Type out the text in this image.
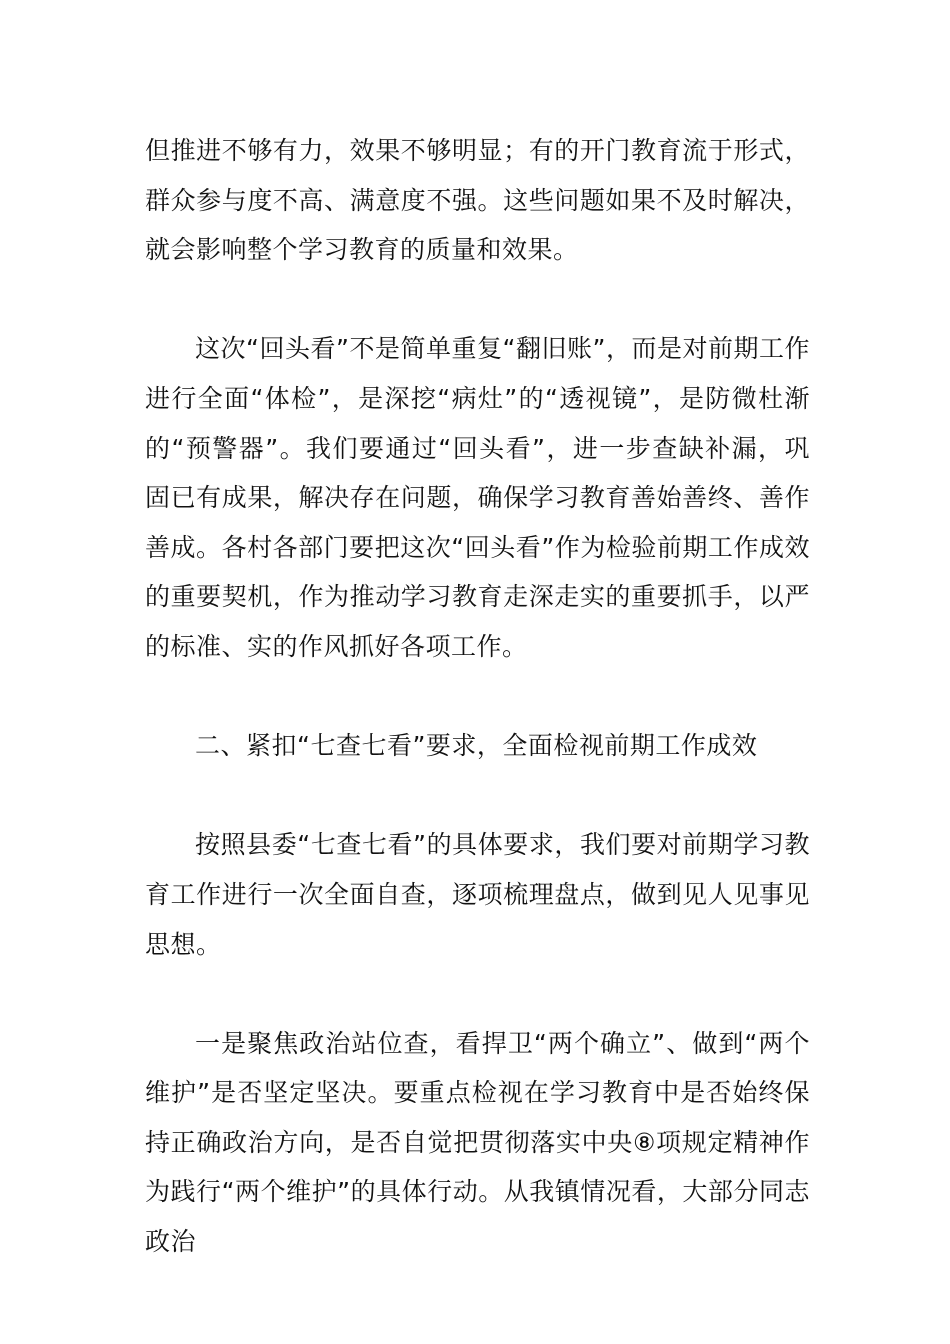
但推进不够有力，效果不够明显；有的开门教育流于形式，群众参与度不高、满意度不强。这些问题如果不及时解决，就会影响整个学习教育的质量和效果。

这次“回头看”不是简单重复“翻旧账”，而是对前期工作进行全面“体检”，是深挖“病灶”的“透视镜”，是防微杜渐的“预警器”。我们要通过“回头看”，进一步查缺补漏，巩固已有成果，解决存在问题，确保学习教育善始善终、善作善成。各村各部门要把这次“回头看”作为检验前期工作成效的重要契机，作为推动学习教育走深走实的重要抓手，以严的标准、实的作风抓好各项工作。

二、紧扣“七查七看”要求，全面检视前期工作成效

按照县委“七查七看”的具体要求，我们要对前期学习教育工作进行一次全面自查，逐项梳理盘点，做到见人见事见思想。

一是聚焦政治站位查，看捍卫“两个确立”、做到“两个维护”是否坚定坚决。要重点检视在学习教育中是否始终保持正确政治方向，是否自觉把贯彻落实中央⑧项规定精神作为践行“两个维护”的具体行动。从我镇情况看，大部分同志政治
